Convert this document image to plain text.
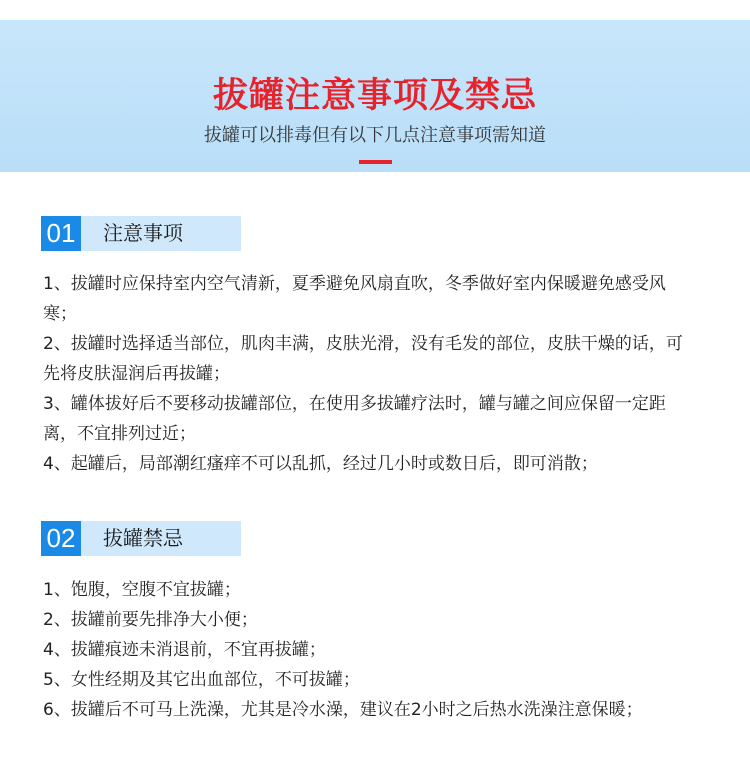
拔罐注意事项及禁忌
拔罐可以排毒但有以下几点注意事项需知道
01 注意事项
1、拔罐时应保持室内空气清新，夏季避免风扇直吹，冬季做好室内保暖避免感受风寒；
2、拔罐时选择适当部位，肌肉丰满，皮肤光滑，没有毛发的部位，皮肤干燥的话，可先将皮肤湿润后再拔罐；
3、罐体拔好后不要移动拔罐部位，在使用多拔罐疗法时，罐与罐之间应保留一定距离，不宜排列过近；
4、起罐后，局部潮红瘙痒不可以乱抓，经过几小时或数日后，即可消散；
02 拔罐禁忌
1、饱腹，空腹不宜拔罐；
2、拔罐前要先排净大小便；
4、拔罐痕迹未消退前，不宜再拔罐；
5、女性经期及其它出血部位，不可拔罐；
6、拔罐后不可马上洗澡，尤其是冷水澡，建议在2小时之后热水洗澡注意保暖；
